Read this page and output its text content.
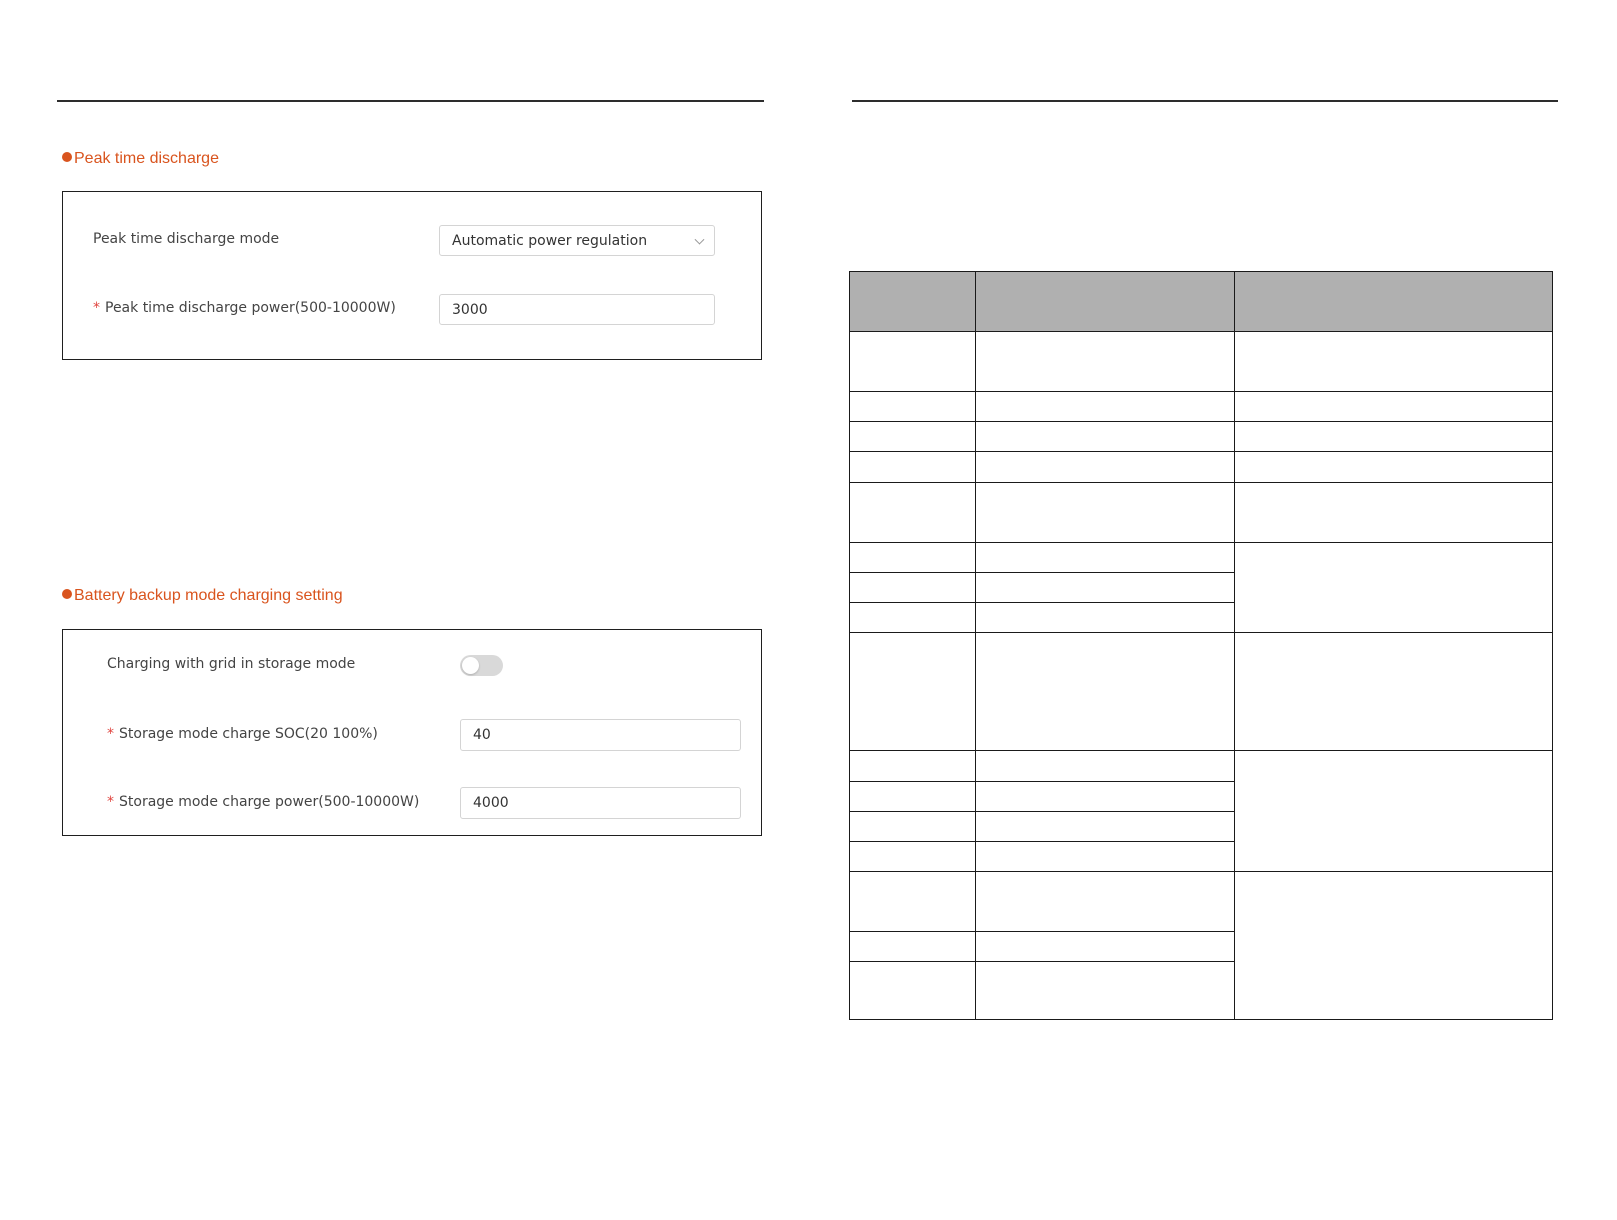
Peak time discharge
Peak time discharge mode	Automatic power regulation
* Peak time discharge power(500-10000W)	3000
Battery backup mode charging setting
Charging with grid in storage mode
* Storage mode charge SOC(20 100%)	40
* Storage mode charge power(500-10000W)	4000
